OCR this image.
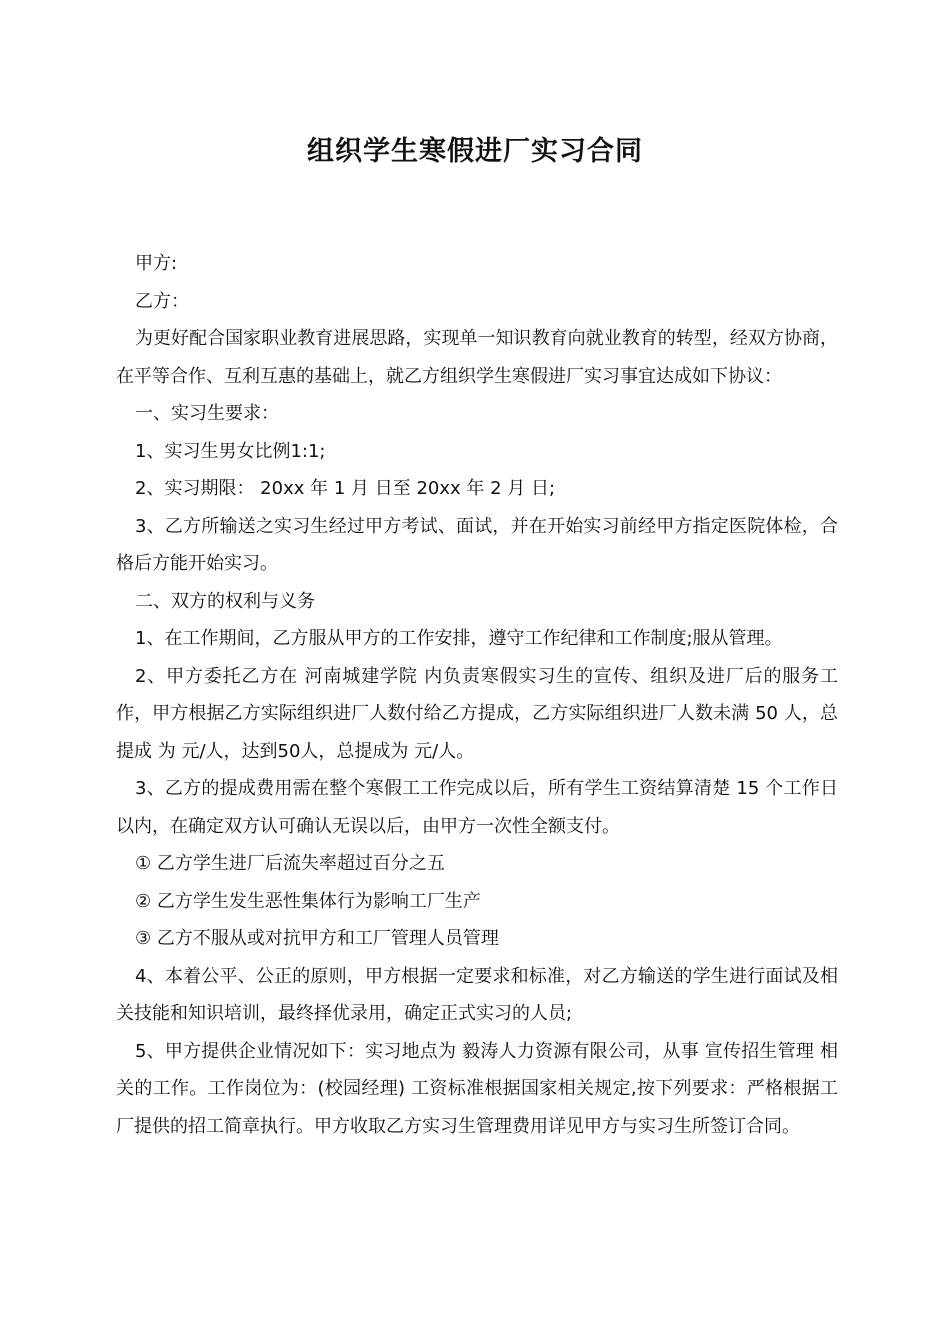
组织学生寒假进厂实习合同

甲方:

乙方：

为更好配合国家职业教育进展思路，实现单一知识教育向就业教育的转型，经双方协商，在平等合作、互利互惠的基础上，就乙方组织学生寒假进厂实习事宜达成如下协议：

一、实习生要求：

1、实习生男女比例1:1;

2、实习期限： 20xx 年 1 月 日至 20xx 年 2 月 日;

3、乙方所输送之实习生经过甲方考试、面试，并在开始实习前经甲方指定医院体检，合格后方能开始实习。

二、双方的权利与义务

1、在工作期间，乙方服从甲方的工作安排，遵守工作纪律和工作制度;服从管理。

2、甲方委托乙方在 河南城建学院 内负责寒假实习生的宣传、组织及进厂后的服务工作，甲方根据乙方实际组织进厂人数付给乙方提成，乙方实际组织进厂人数未满 50 人，总提成 为 元/人，达到50人，总提成为 元/人。

3、乙方的提成费用需在整个寒假工工作完成以后，所有学生工资结算清楚 15 个工作日以内，在确定双方认可确认无误以后，由甲方一次性全额支付。

① 乙方学生进厂后流失率超过百分之五

② 乙方学生发生恶性集体行为影响工厂生产

③ 乙方不服从或对抗甲方和工厂管理人员管理

4、本着公平、公正的原则，甲方根据一定要求和标准，对乙方输送的学生进行面试及相关技能和知识培训，最终择优录用，确定正式实习的人员;

5、甲方提供企业情况如下：实习地点为 毅涛人力资源有限公司，从事 宣传招生管理 相关的工作。工作岗位为：(校园经理) 工资标准根据国家相关规定,按下列要求：严格根据工厂提供的招工简章执行。甲方收取乙方实习生管理费用详见甲方与实习生所签订合同。
